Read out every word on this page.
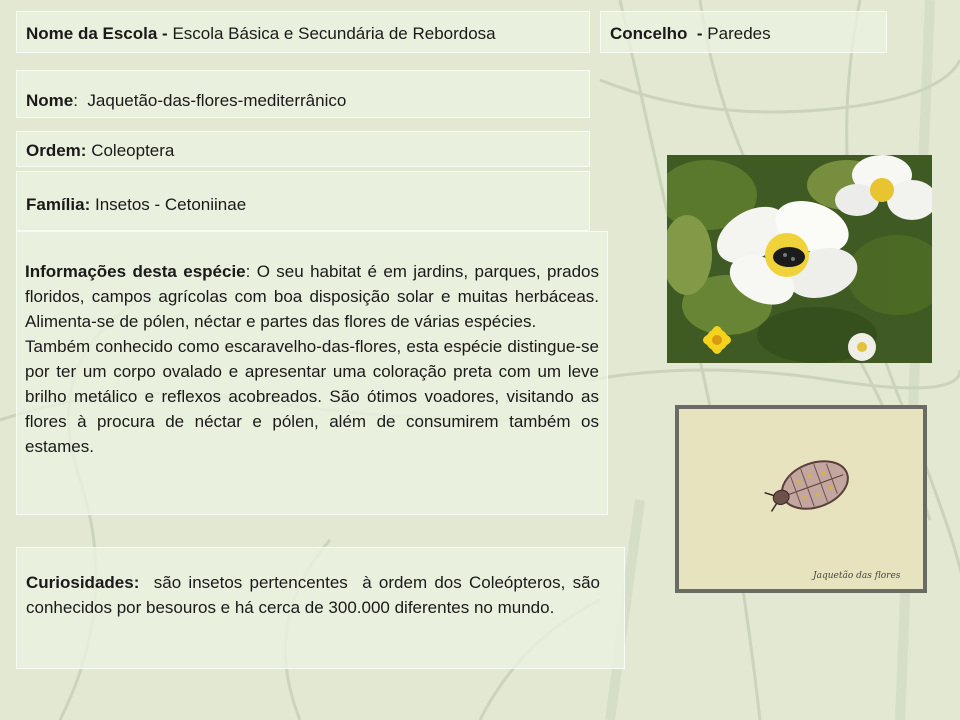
Nome da Escola - Escola Básica e Secundária de Rebordosa	Concelho  - Paredes
Nome:  Jaquetão-das-flores-mediterrânico
Ordem: Coleoptera
Família: Insetos - Cetoniinae

Informações desta espécie: O seu habitat é em jardins, parques, prados floridos, campos agrícolas com boa disposição solar e muitas herbáceas. Alimenta-se de pólen, néctar e partes das flores de várias espécies.

Também conhecido como escaravelho-das-flores, esta espécie distingue-se por ter um corpo ovalado e apresentar uma coloração preta com um leve brilho metálico e reflexos acobreados. São ótimos voadores, visitando as flores à procura de néctar e pólen, além de consumirem também os estames.

Curiosidades:  são insetos pertencentes  à ordem dos Coleópteros, são conhecidos por besouros e há cerca de 300.000 diferentes no mundo.

Jaquetão das flores
